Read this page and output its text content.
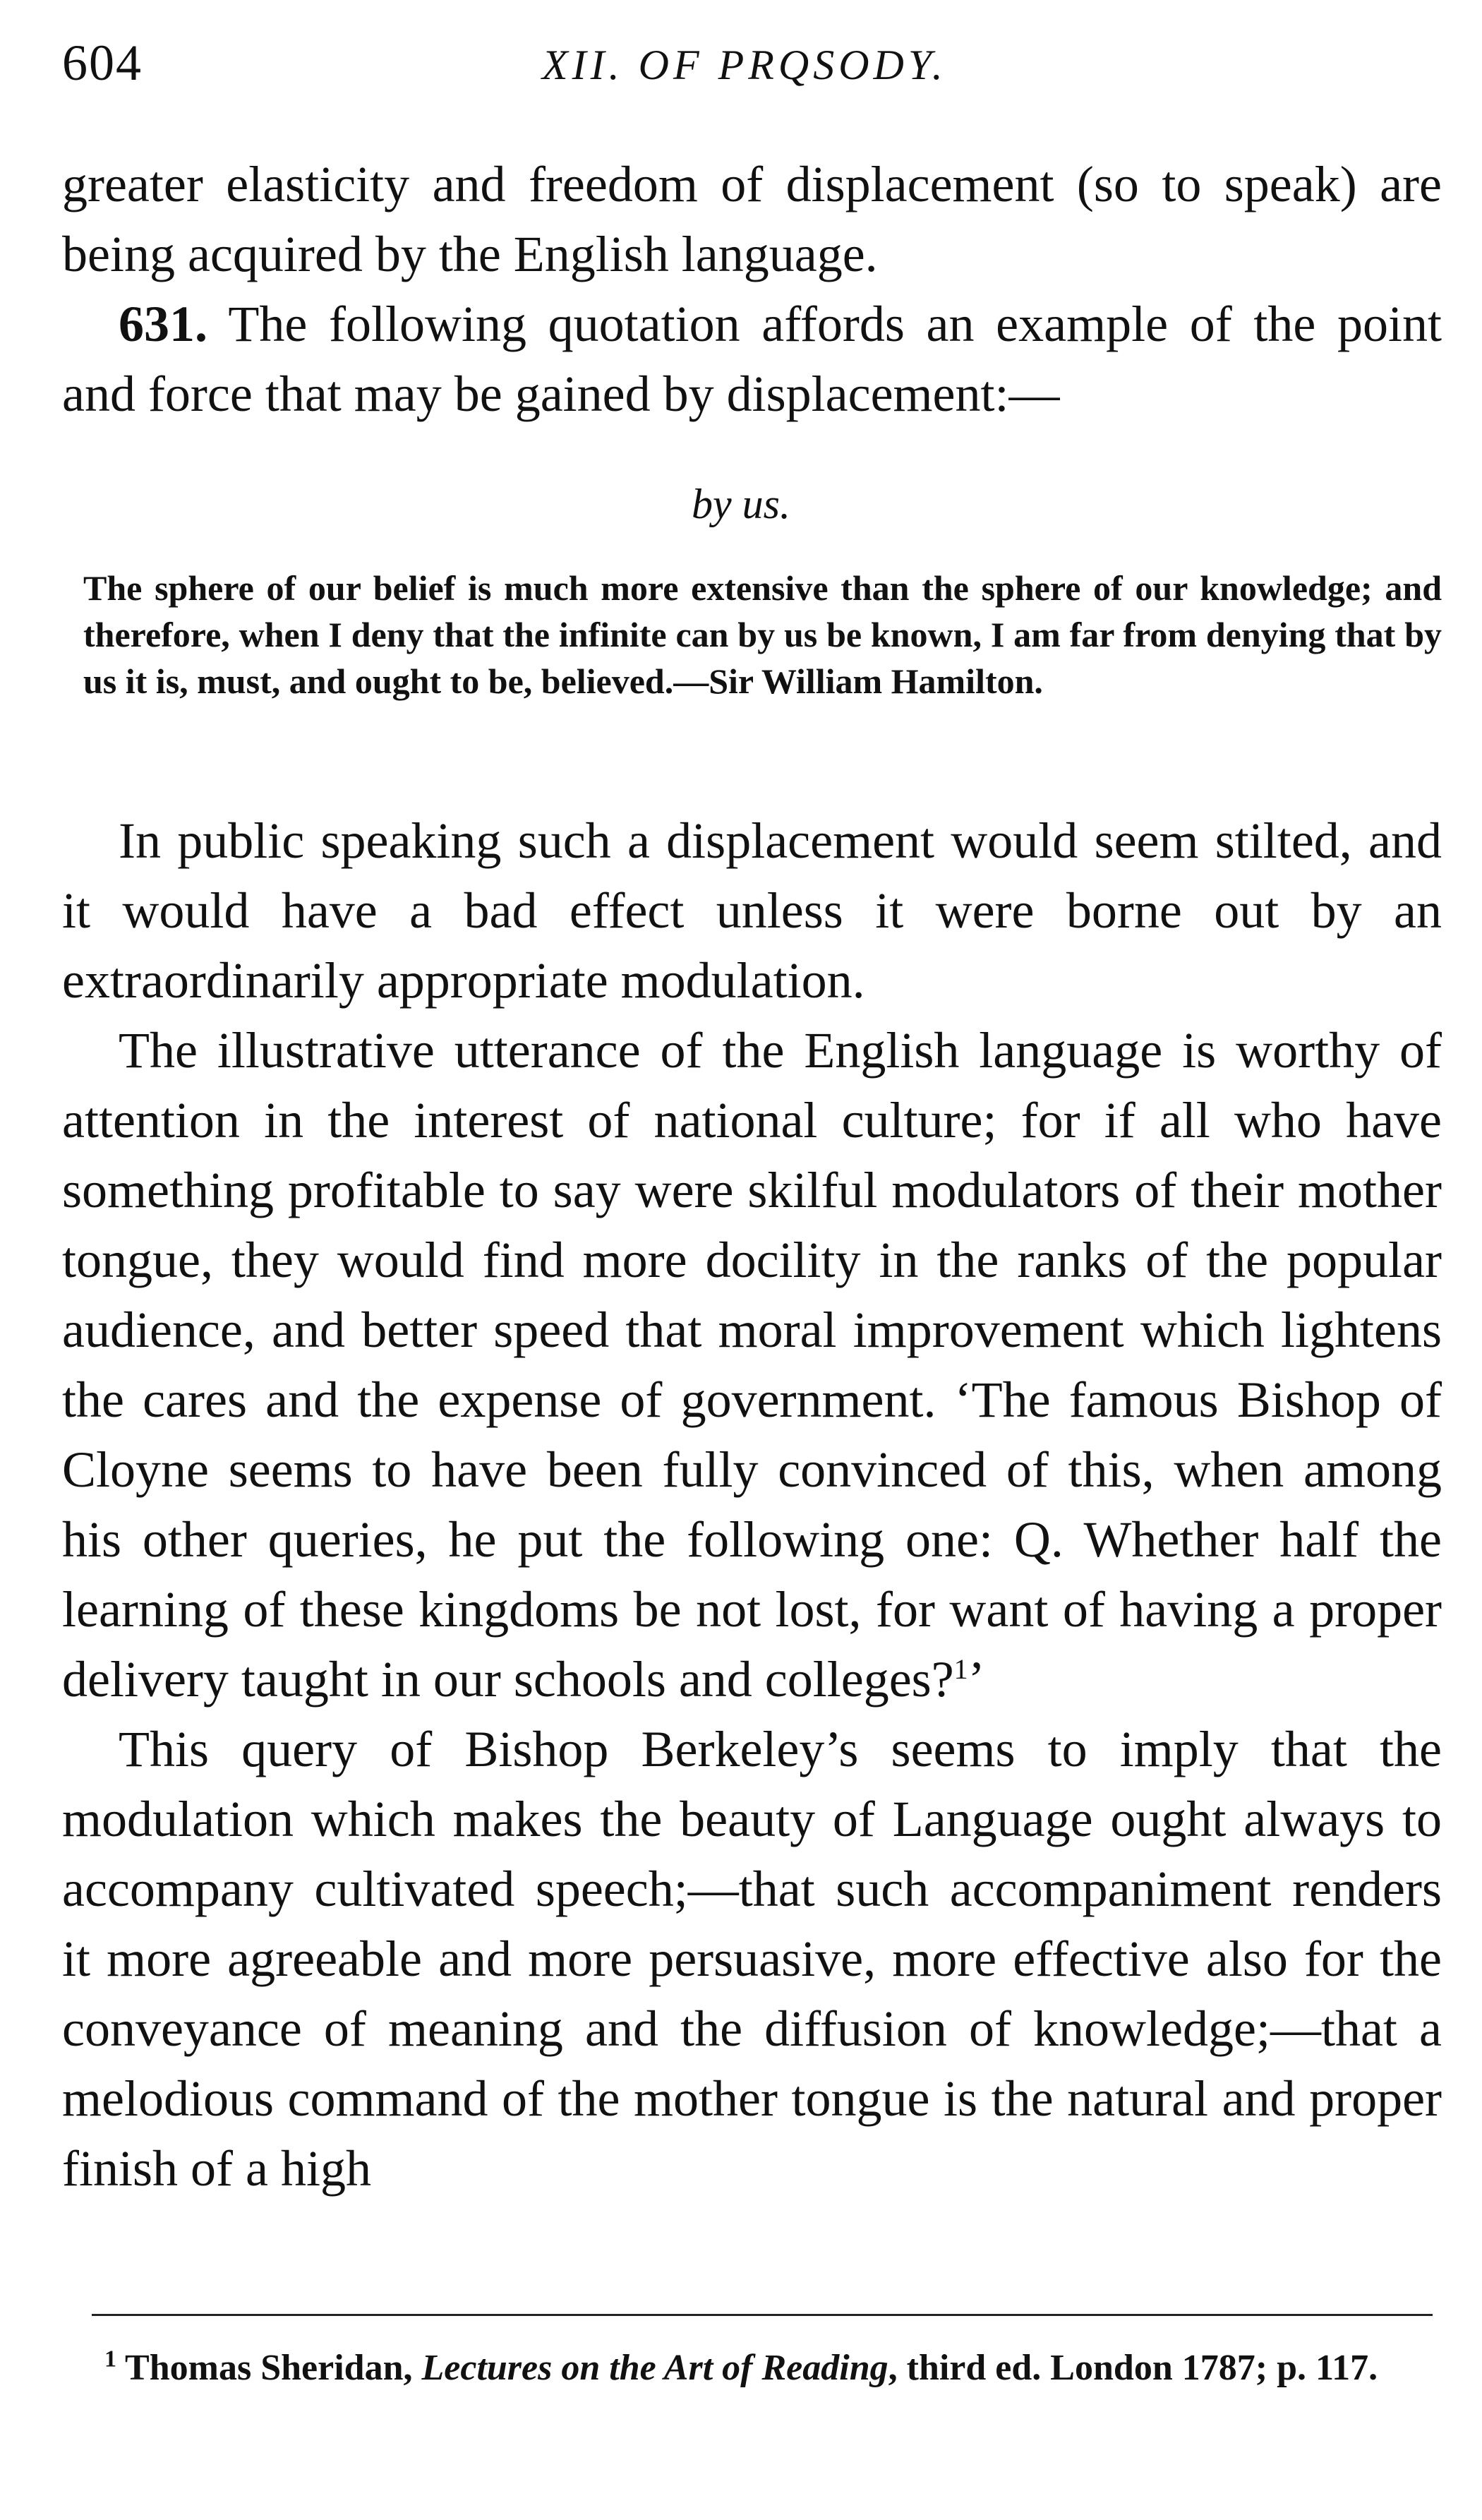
604	XII. OF PRQSODY.

greater elasticity and freedom of displacement (so to speak) are being acquired by the English language.

631. The following quotation affords an example of the point and force that may be gained by displacement:—

by us.

The sphere of our belief is much more extensive than the sphere of our knowledge; and therefore, when I deny that the infinite can by us be known, I am far from denying that by us it is, must, and ought to be, believed.—Sir William Hamilton.

In public speaking such a displacement would seem stilted, and it would have a bad effect unless it were borne out by an extraordinarily appropriate modulation.

The illustrative utterance of the English language is worthy of attention in the interest of national culture; for if all who have something profitable to say were skilful modulators of their mother tongue, they would find more docility in the ranks of the popular audience, and better speed that moral improvement which lightens the cares and the expense of government. ‘The famous Bishop of Cloyne seems to have been fully convinced of this, when among his other queries, he put the following one: Q. Whether half the learning of these kingdoms be not lost, for want of having a proper delivery taught in our schools and colleges?$^1$’

This query of Bishop Berkeley’s seems to imply that the modulation which makes the beauty of Language ought always to accompany cultivated speech;—that such accompaniment renders it more agreeable and more persuasive, more effective also for the conveyance of meaning and the diffusion of knowledge;—that a melodious command of the mother tongue is the natural and proper finish of a high

$^1$ Thomas Sheridan, Lectures on the Art of Reading, third ed. London 1787; p. 117.
